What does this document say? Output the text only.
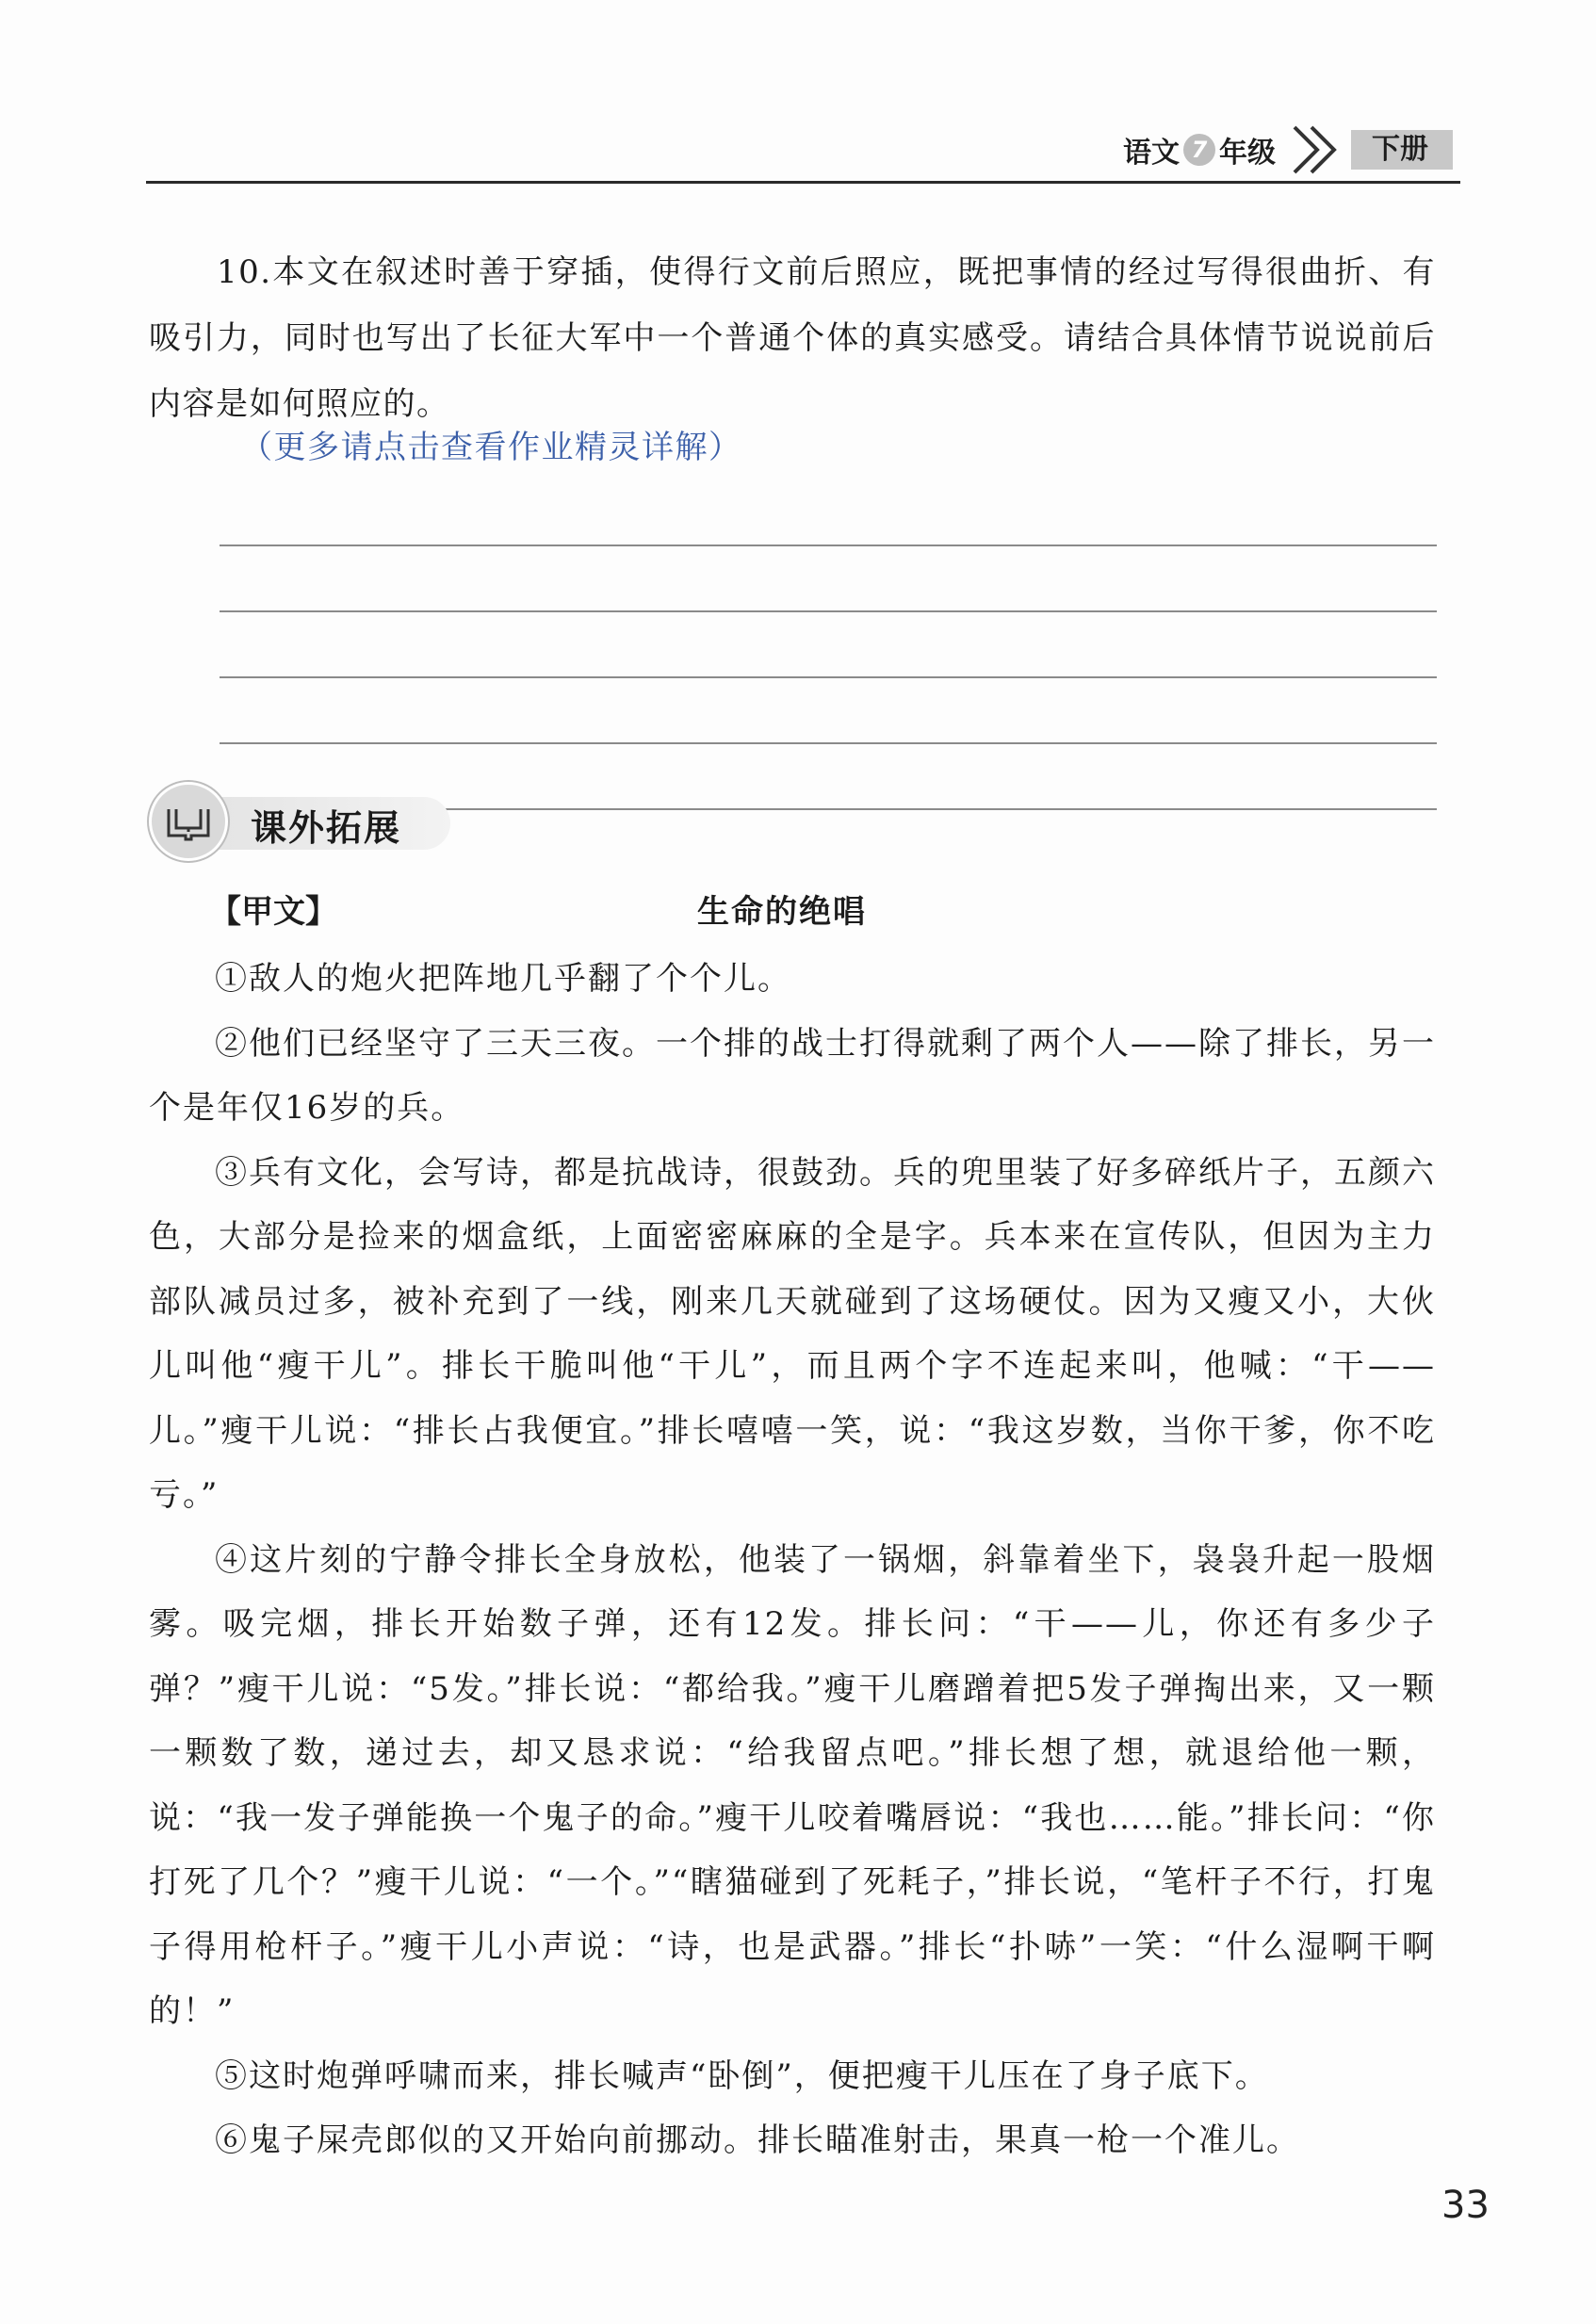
语文 7 年级	下册
10.本文在叙述时善于穿插，使得行文前后照应，既把事情的经过写得很曲折、有吸引力，同时也写出了长征大军中一个普通个体的真实感受。请结合具体情节说说前后内容是如何照应的。
（更多请点击查看作业精灵详解）
课外拓展
【甲文】	生命的绝唱

①敌人的炮火把阵地几乎翻了个个儿。

②他们已经坚守了三天三夜。一个排的战士打得就剩了两个人——除了排长，另一个是年仅16岁的兵。

③兵有文化，会写诗，都是抗战诗，很鼓劲。兵的兜里装了好多碎纸片子，五颜六色，大部分是捡来的烟盒纸，上面密密麻麻的全是字。兵本来在宣传队，但因为主力部队减员过多，被补充到了一线，刚来几天就碰到了这场硬仗。因为又瘦又小，大伙儿叫他“瘦干儿”。排长干脆叫他“干儿”，而且两个字不连起来叫，他喊：“干——儿。”瘦干儿说：“排长占我便宜。”排长嘻嘻一笑，说：“我这岁数，当你干爹，你不吃亏。”

④这片刻的宁静令排长全身放松，他装了一锅烟，斜靠着坐下，袅袅升起一股烟雾。吸完烟，排长开始数子弹，还有12发。排长问：“干——儿，你还有多少子弹？”瘦干儿说：“5发。”排长说：“都给我。”瘦干儿磨蹭着把5发子弹掏出来，又一颗一颗数了数，递过去，却又恳求说：“给我留点吧。”排长想了想，就退给他一颗，说：“我一发子弹能换一个鬼子的命。”瘦干儿咬着嘴唇说：“我也……能。”排长问：“你打死了几个？”瘦干儿说：“一个。”“瞎猫碰到了死耗子，”排长说，“笔杆子不行，打鬼子得用枪杆子。”瘦干儿小声说：“诗，也是武器。”排长“扑哧”一笑：“什么湿啊干啊的！”

⑤这时炮弹呼啸而来，排长喊声“卧倒”，便把瘦干儿压在了身子底下。

⑥鬼子屎壳郎似的又开始向前挪动。排长瞄准射击，果真一枪一个准儿。

33
